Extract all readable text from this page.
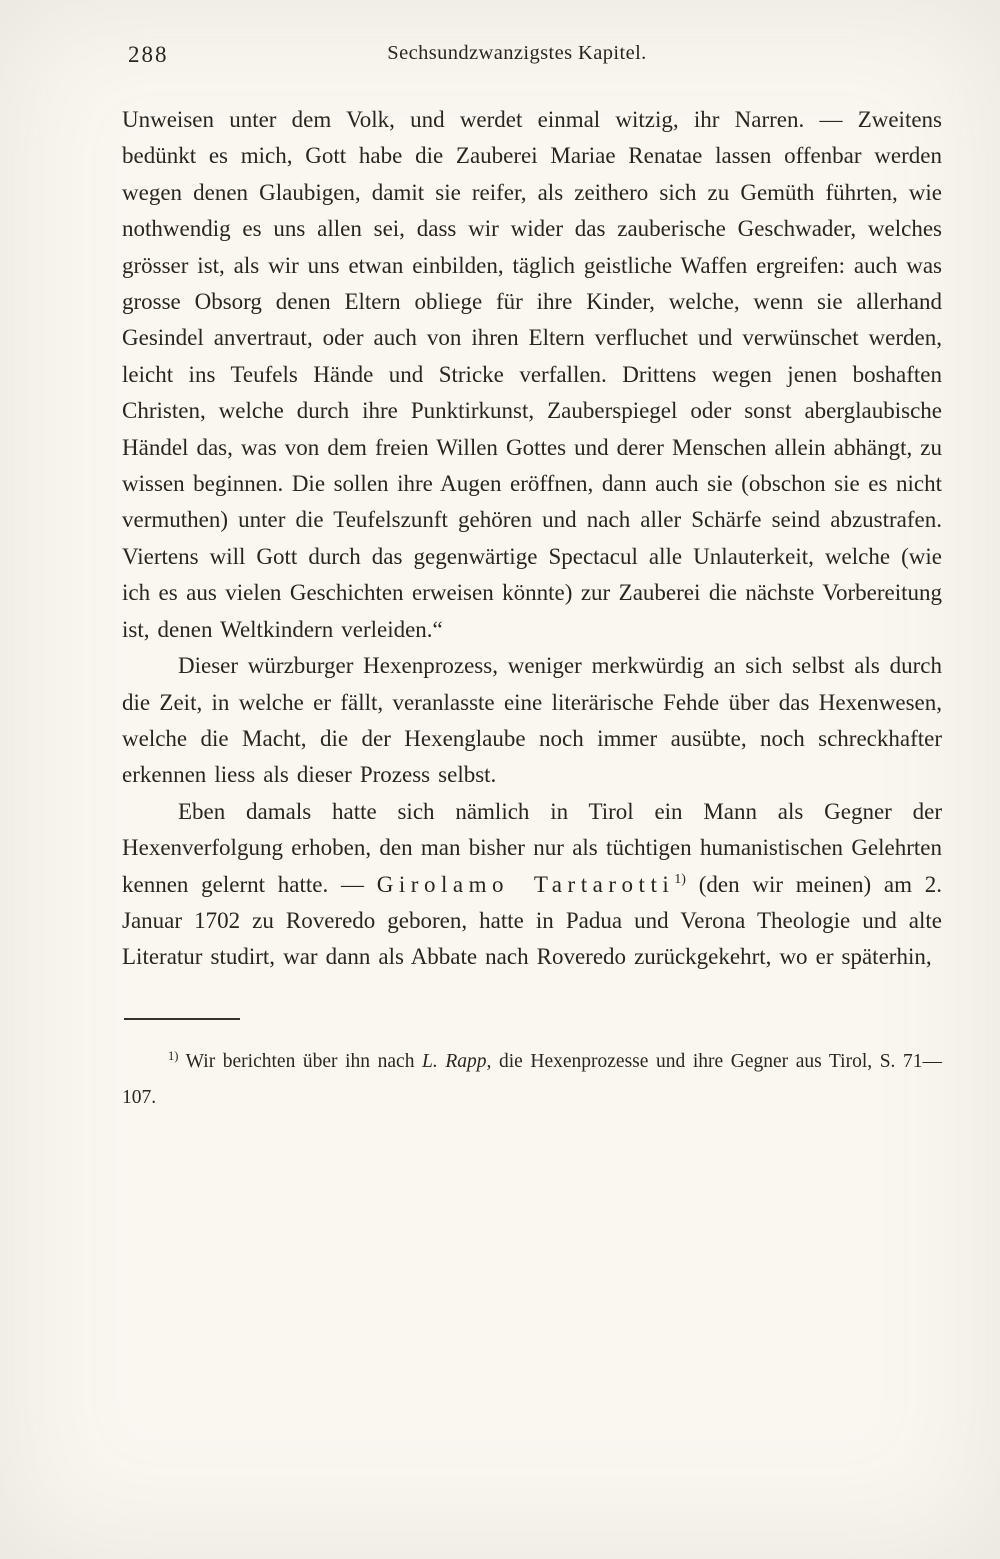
288	Sechsundzwanzigstes Kapitel.

Unweisen unter dem Volk, und werdet einmal witzig, ihr Narren. — Zweitens bedünkt es mich, Gott habe die Zauberei Mariae Renatae lassen offenbar werden wegen denen Glaubigen, damit sie reifer, als zeithero sich zu Gemüth führten, wie nothwendig es uns allen sei, dass wir wider das zauberische Geschwader, welches grösser ist, als wir uns etwan einbilden, täglich geistliche Waffen ergreifen: auch was grosse Obsorg denen Eltern obliege für ihre Kinder, welche, wenn sie allerhand Gesindel anvertraut, oder auch von ihren Eltern verfluchet und verwünschet werden, leicht ins Teufels Hände und Stricke verfallen. Drittens wegen jenen boshaften Christen, welche durch ihre Punktirkunst, Zauberspiegel oder sonst aberglaubische Händel das, was von dem freien Willen Gottes und derer Menschen allein abhängt, zu wissen beginnen. Die sollen ihre Augen eröffnen, dann auch sie (obschon sie es nicht vermuthen) unter die Teufelszunft gehören und nach aller Schärfe seind abzustrafen. Viertens will Gott durch das gegenwärtige Spectacul alle Unlauterkeit, welche (wie ich es aus vielen Geschichten erweisen könnte) zur Zauberei die nächste Vorbereitung ist, denen Weltkindern verleiden.“

Dieser würzburger Hexenprozess, weniger merkwürdig an sich selbst als durch die Zeit, in welche er fällt, veranlasste eine literärische Fehde über das Hexenwesen, welche die Macht, die der Hexenglaube noch immer ausübte, noch schreckhafter erkennen liess als dieser Prozess selbst.

Eben damals hatte sich nämlich in Tirol ein Mann als Gegner der Hexenverfolgung erhoben, den man bisher nur als tüchtigen humanistischen Gelehrten kennen gelernt hatte. — Girolamo Tartarotti$^{1)}$ (den wir meinen) am 2. Januar 1702 zu Roveredo geboren, hatte in Padua und Verona Theologie und alte Literatur studirt, war dann als Abbate nach Roveredo zurückgekehrt, wo er späterhin,

$^{1)}$ Wir berichten über ihn nach L. Rapp, die Hexenprozesse und ihre Gegner aus Tirol, S. 71—107.
